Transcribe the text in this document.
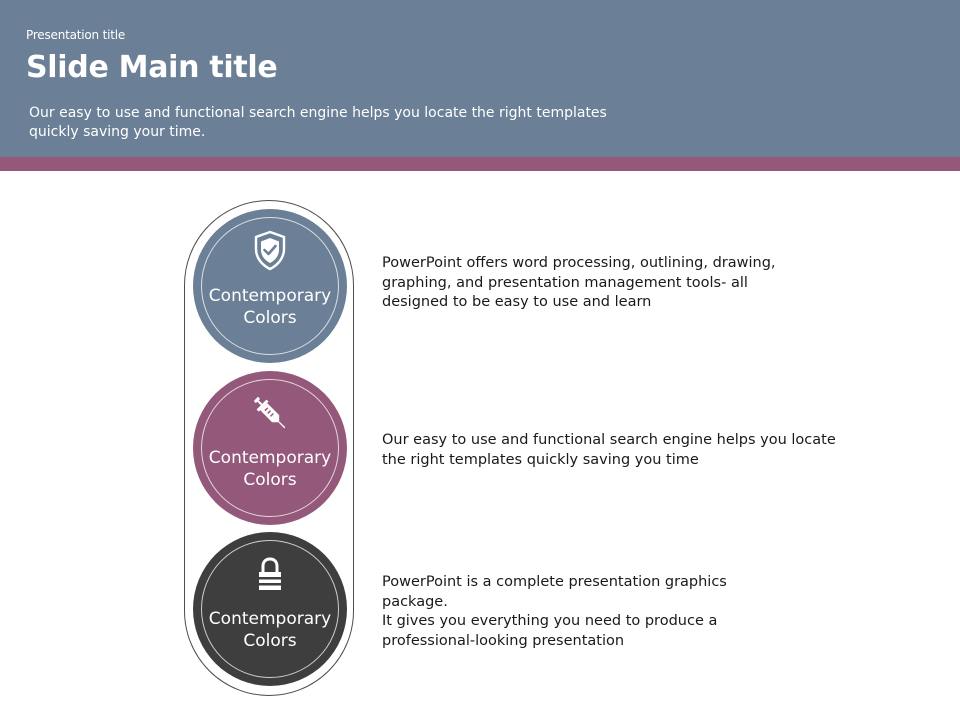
Presentation title
Slide Main title
Our easy to use and functional search engine helps you locate the right templates
quickly saving your time.
Contemporary
Colors
Contemporary
Colors
Contemporary
Colors
PowerPoint offers word processing, outlining, drawing,
graphing, and presentation management tools- all
designed to be easy to use and learn
Our easy to use and functional search engine helps you locate
the right templates quickly saving you time
PowerPoint is a complete presentation graphics
package.
It gives you everything you need to produce a
professional-looking presentation
